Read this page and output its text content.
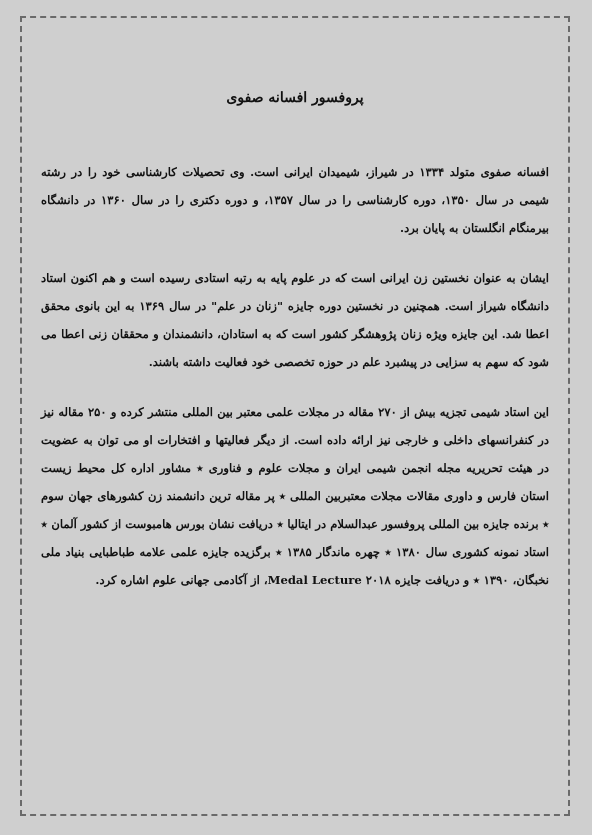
پروفسور افسانه صفوی

افسانه صفوی متولد ۱۳۳۴ در شیراز، شیمیدان ایرانی است. وی تحصیلات کارشناسی خود را در رشته شیمی در سال ۱۳۵۰، دوره کارشناسی را در سال ۱۳۵۷، و دوره دکتری را در سال ۱۳۶۰ در دانشگاه بیرمنگام انگلستان به پایان برد.

ایشان به عنوان نخستین زن ایرانی است که در علوم پایه به رتبه استادی رسیده است و هم اکنون استاد دانشگاه شیراز است. همچنین در نخستین دوره جایزه "زنان در علم" در سال ۱۳۶۹ به این بانوی محقق اعطا شد. این جایزه ویژه زنان پژوهشگر کشور است که به استادان، دانشمندان و محققان زنی اعطا می شود که سهم به سزایی در پیشبرد علم در حوزه تخصصی خود فعالیت داشته باشند.

این استاد شیمی تجزیه بیش از ۲۷۰ مقاله در مجلات علمی معتبر بین المللی منتشر کرده و ۲۵۰ مقاله نیز در کنفرانسهای داخلی و خارجی نیز ارائه داده است. از دیگر فعالیتها و افتخارات او می توان به عضویت در هیئت تحریریه مجله انجمن شیمی ایران و مجلات علوم و فناوری ٭ مشاور اداره کل محیط زیست استان فارس و داوری مقالات مجلات معتبربین المللی ٭ پر مقاله ترین دانشمند زن کشورهای جهان سوم ٭ برنده جایزه بین المللی پروفسور عبدالسلام در ایتالیا ٭ دریافت نشان بورس هامبوست از کشور آلمان ٭ استاد نمونه کشوری سال ۱۳۸۰ ٭ چهره ماندگار ۱۳۸۵ ٭ برگزیده جایزه علمی علامه طباطبایی بنیاد ملی نخبگان، ۱۳۹۰ ٭ و دریافت جایزه Medal Lecture ۲۰۱۸، از آکادمی جهانی علوم اشاره کرد.
